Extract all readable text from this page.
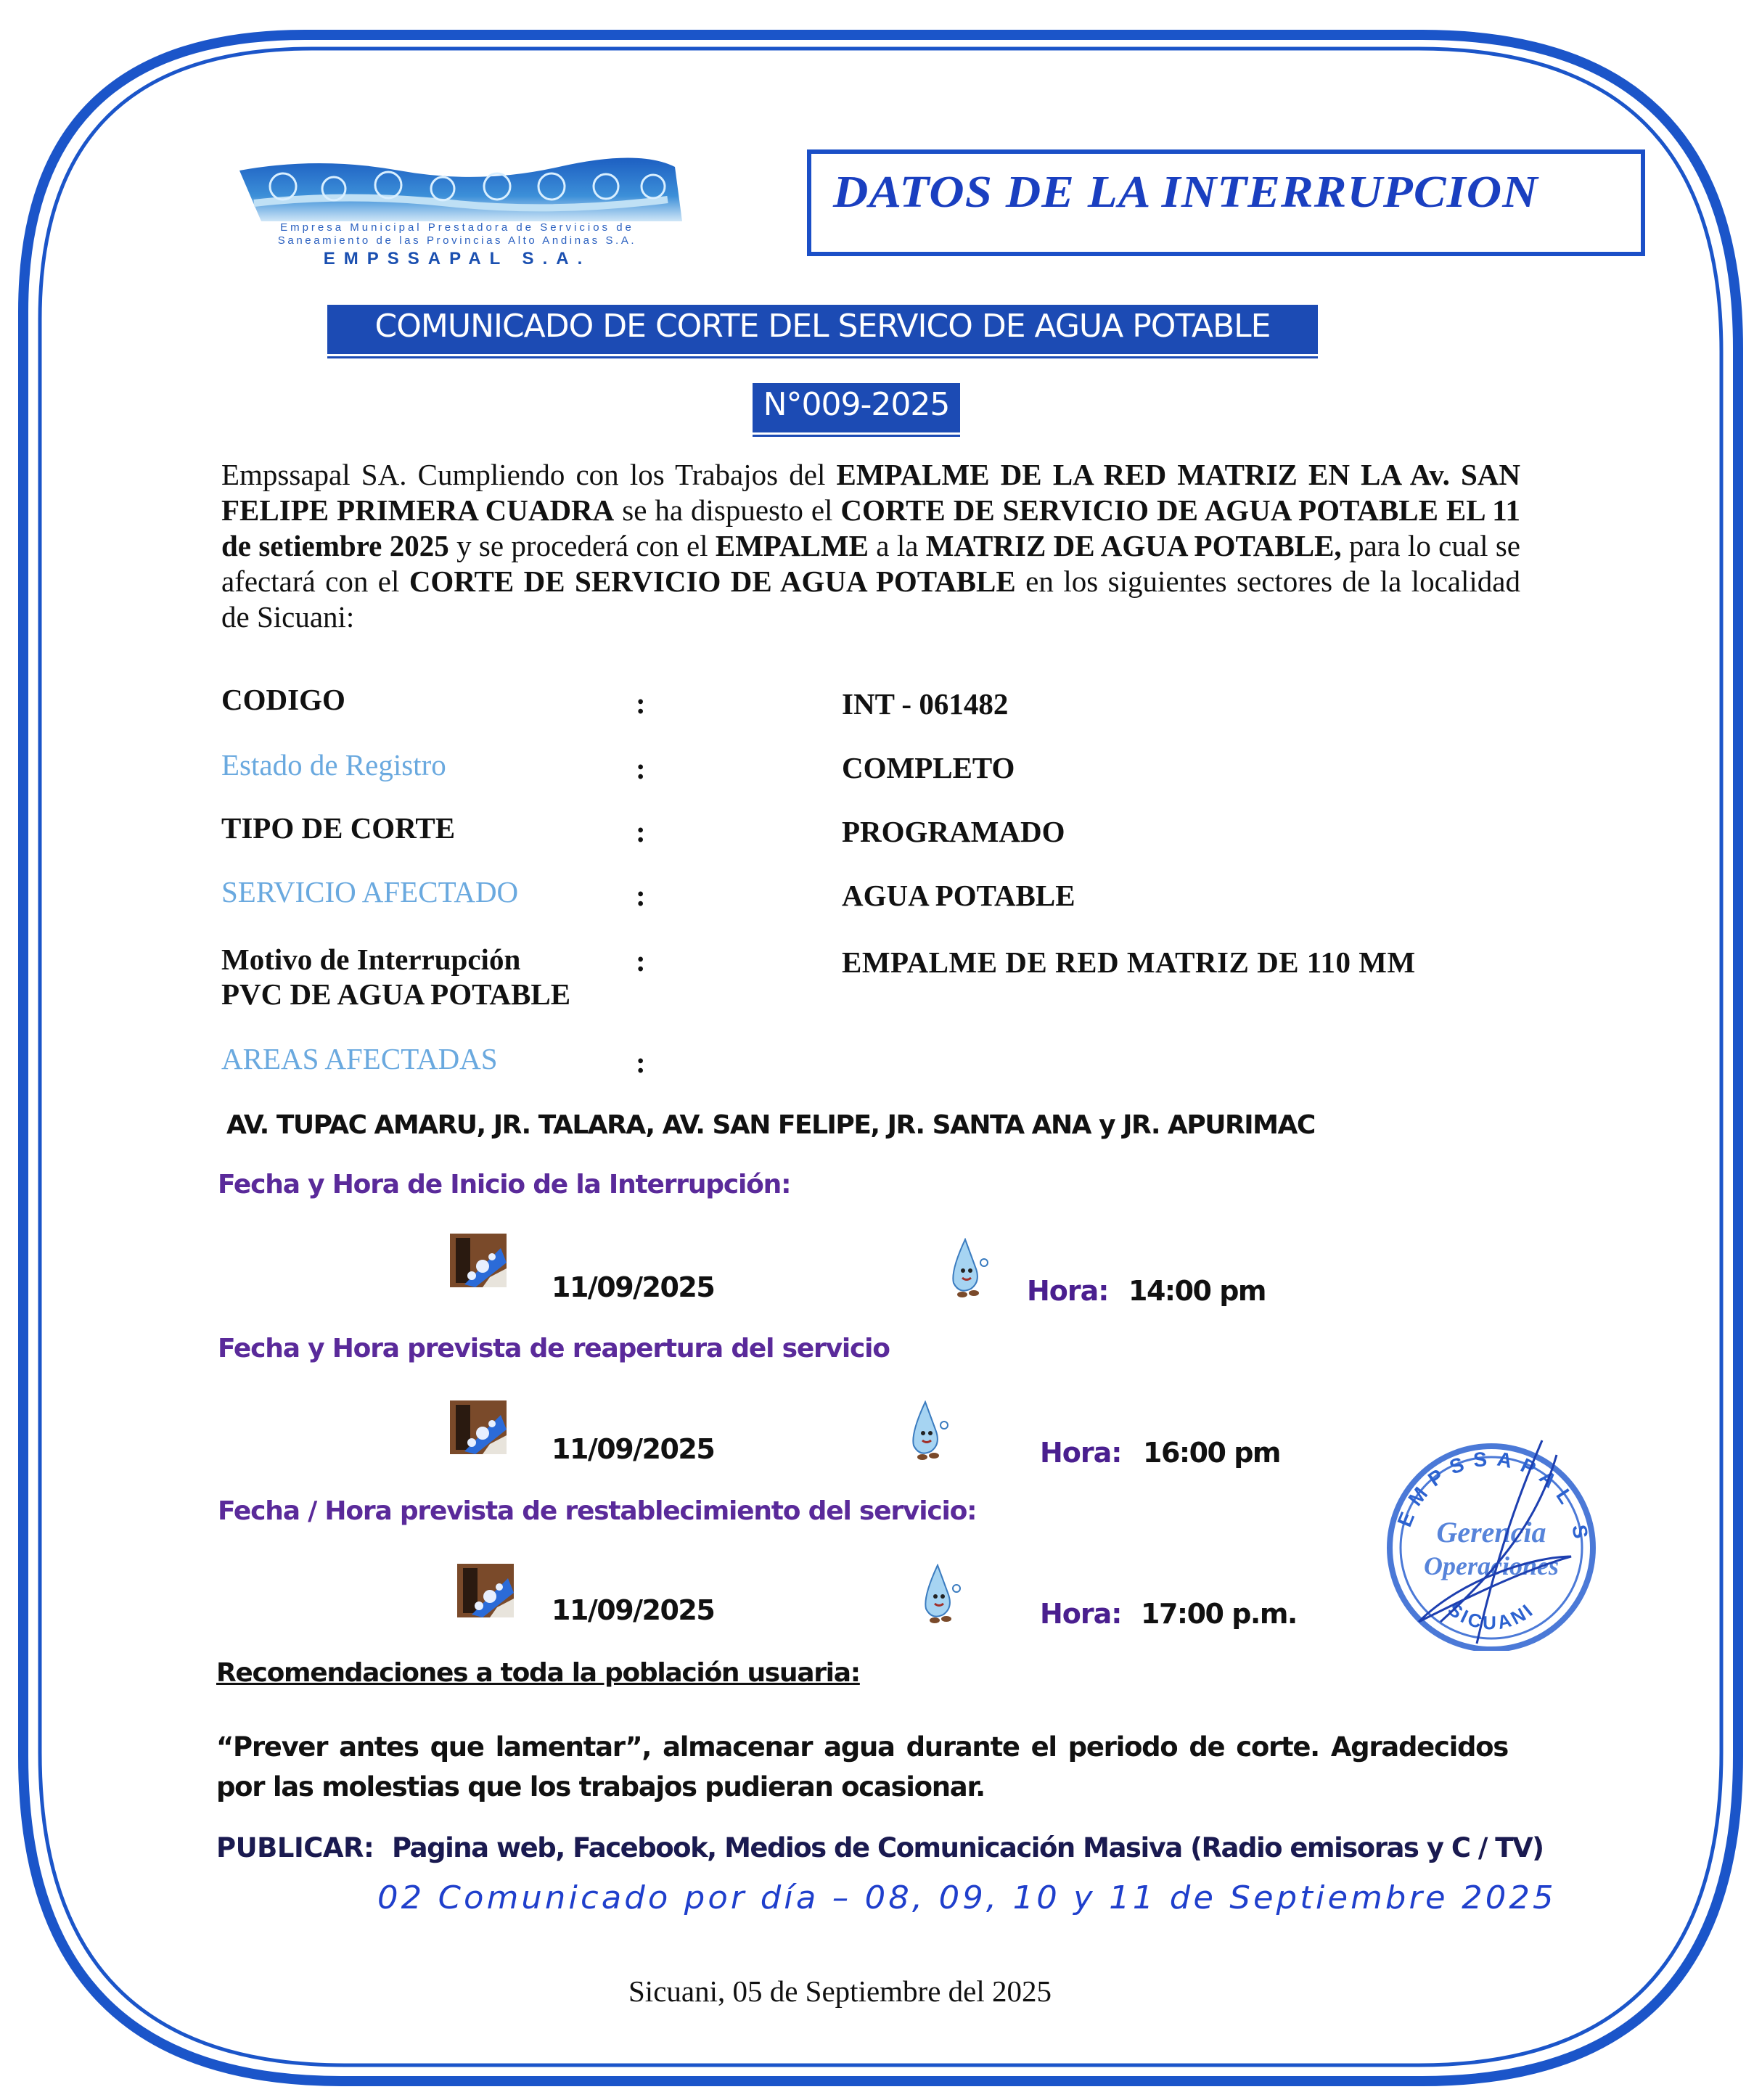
Empresa Municipal Prestadora de Servicios de
Saneamiento de las Provincias Alto Andinas S.A.
EMPSSAPAL S.A.
DATOS DE LA INTERRUPCION
COMUNICADO DE CORTE DEL SERVICO DE AGUA POTABLE
N°009-2025
Empssapal SA. Cumpliendo con los Trabajos del EMPALME DE LA RED MATRIZ EN LA Av. SAN FELIPE PRIMERA CUADRA se ha dispuesto el CORTE DE SERVICIO DE AGUA POTABLE EL 11 de setiembre 2025 y se procederá con el EMPALME a la MATRIZ DE AGUA POTABLE, para lo cual se afectará con el CORTE DE SERVICIO DE AGUA POTABLE en los siguientes sectores de la localidad de Sicuani:
CODIGO	:	INT - 061482
Estado de Registro	:	COMPLETO
TIPO DE CORTE	:	PROGRAMADO
SERVICIO AFECTADO	:	AGUA POTABLE
Motivo de Interrupción	:	EMPALME DE RED MATRIZ DE 110 MM
PVC DE AGUA POTABLE
AREAS AFECTADAS	:
AV. TUPAC AMARU, JR. TALARA, AV. SAN FELIPE, JR. SANTA ANA y JR. APURIMAC
Fecha y Hora de Inicio de la Interrupción:
11/09/2025	Hora: 14:00 pm
Fecha y Hora prevista de reapertura del servicio
11/09/2025	Hora: 16:00 pm
Fecha / Hora prevista de restablecimiento del servicio:
11/09/2025	Hora: 17:00 p.m.
EMPSSAPAL S
Gerencia
Operaciones
SICUANI
Recomendaciones a toda la población usuaria:
“Prever antes que lamentar”, almacenar agua durante el periodo de corte. Agradecidos por las molestias que los trabajos pudieran ocasionar.
PUBLICAR: Pagina web, Facebook, Medios de Comunicación Masiva (Radio emisoras y C / TV)
02 Comunicado por día – 08, 09, 10 y 11 de Septiembre 2025
Sicuani, 05 de Septiembre del 2025
